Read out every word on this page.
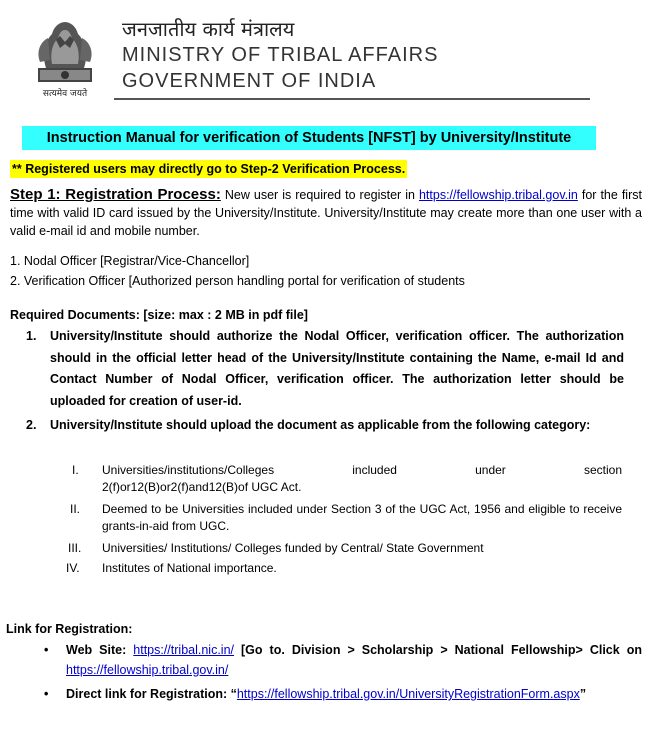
सत्यमेव जयते
जनजातीय कार्य मंत्रालय
MINISTRY OF TRIBAL AFFAIRS
GOVERNMENT OF INDIA
Instruction Manual for verification of Students [NFST] by University/Institute
** Registered users may directly go to Step-2 Verification Process.
Step 1: Registration Process: New user is required to register in https://fellowship.tribal.gov.in for the first time with valid ID card issued by the University/Institute. University/Institute may create more than one user with a valid e-mail id and mobile number.
1. Nodal Officer [Registrar/Vice-Chancellor]
2. Verification Officer [Authorized person handling portal for verification of students
Required Documents: [size: max : 2 MB in pdf file]
1.	University/Institute should authorize the Nodal Officer, verification officer. The authorization should in the official letter head of the University/Institute containing the Name, e-mail Id and Contact Number of Nodal Officer, verification officer. The authorization letter should be uploaded for creation of user-id.
2.	University/Institute should upload the document as applicable from the following category:
I.	Universities/institutions/Colleges included under section
2(f)or12(B)or2(f)and12(B)of UGC Act.
II.	Deemed to be Universities included under Section 3 of the UGC Act, 1956 and eligible to receive grants-in-aid from UGC.
III.	Universities/ Institutions/ Colleges funded by Central/ State Government
IV.	Institutes of National importance.
Link for Registration:
•	Web Site: https://tribal.nic.in/ [Go to. Division > Scholarship > National Fellowship> Click on https://fellowship.tribal.gov.in/
•	Direct link for Registration: “https://fellowship.tribal.gov.in/UniversityRegistrationForm.aspx”
